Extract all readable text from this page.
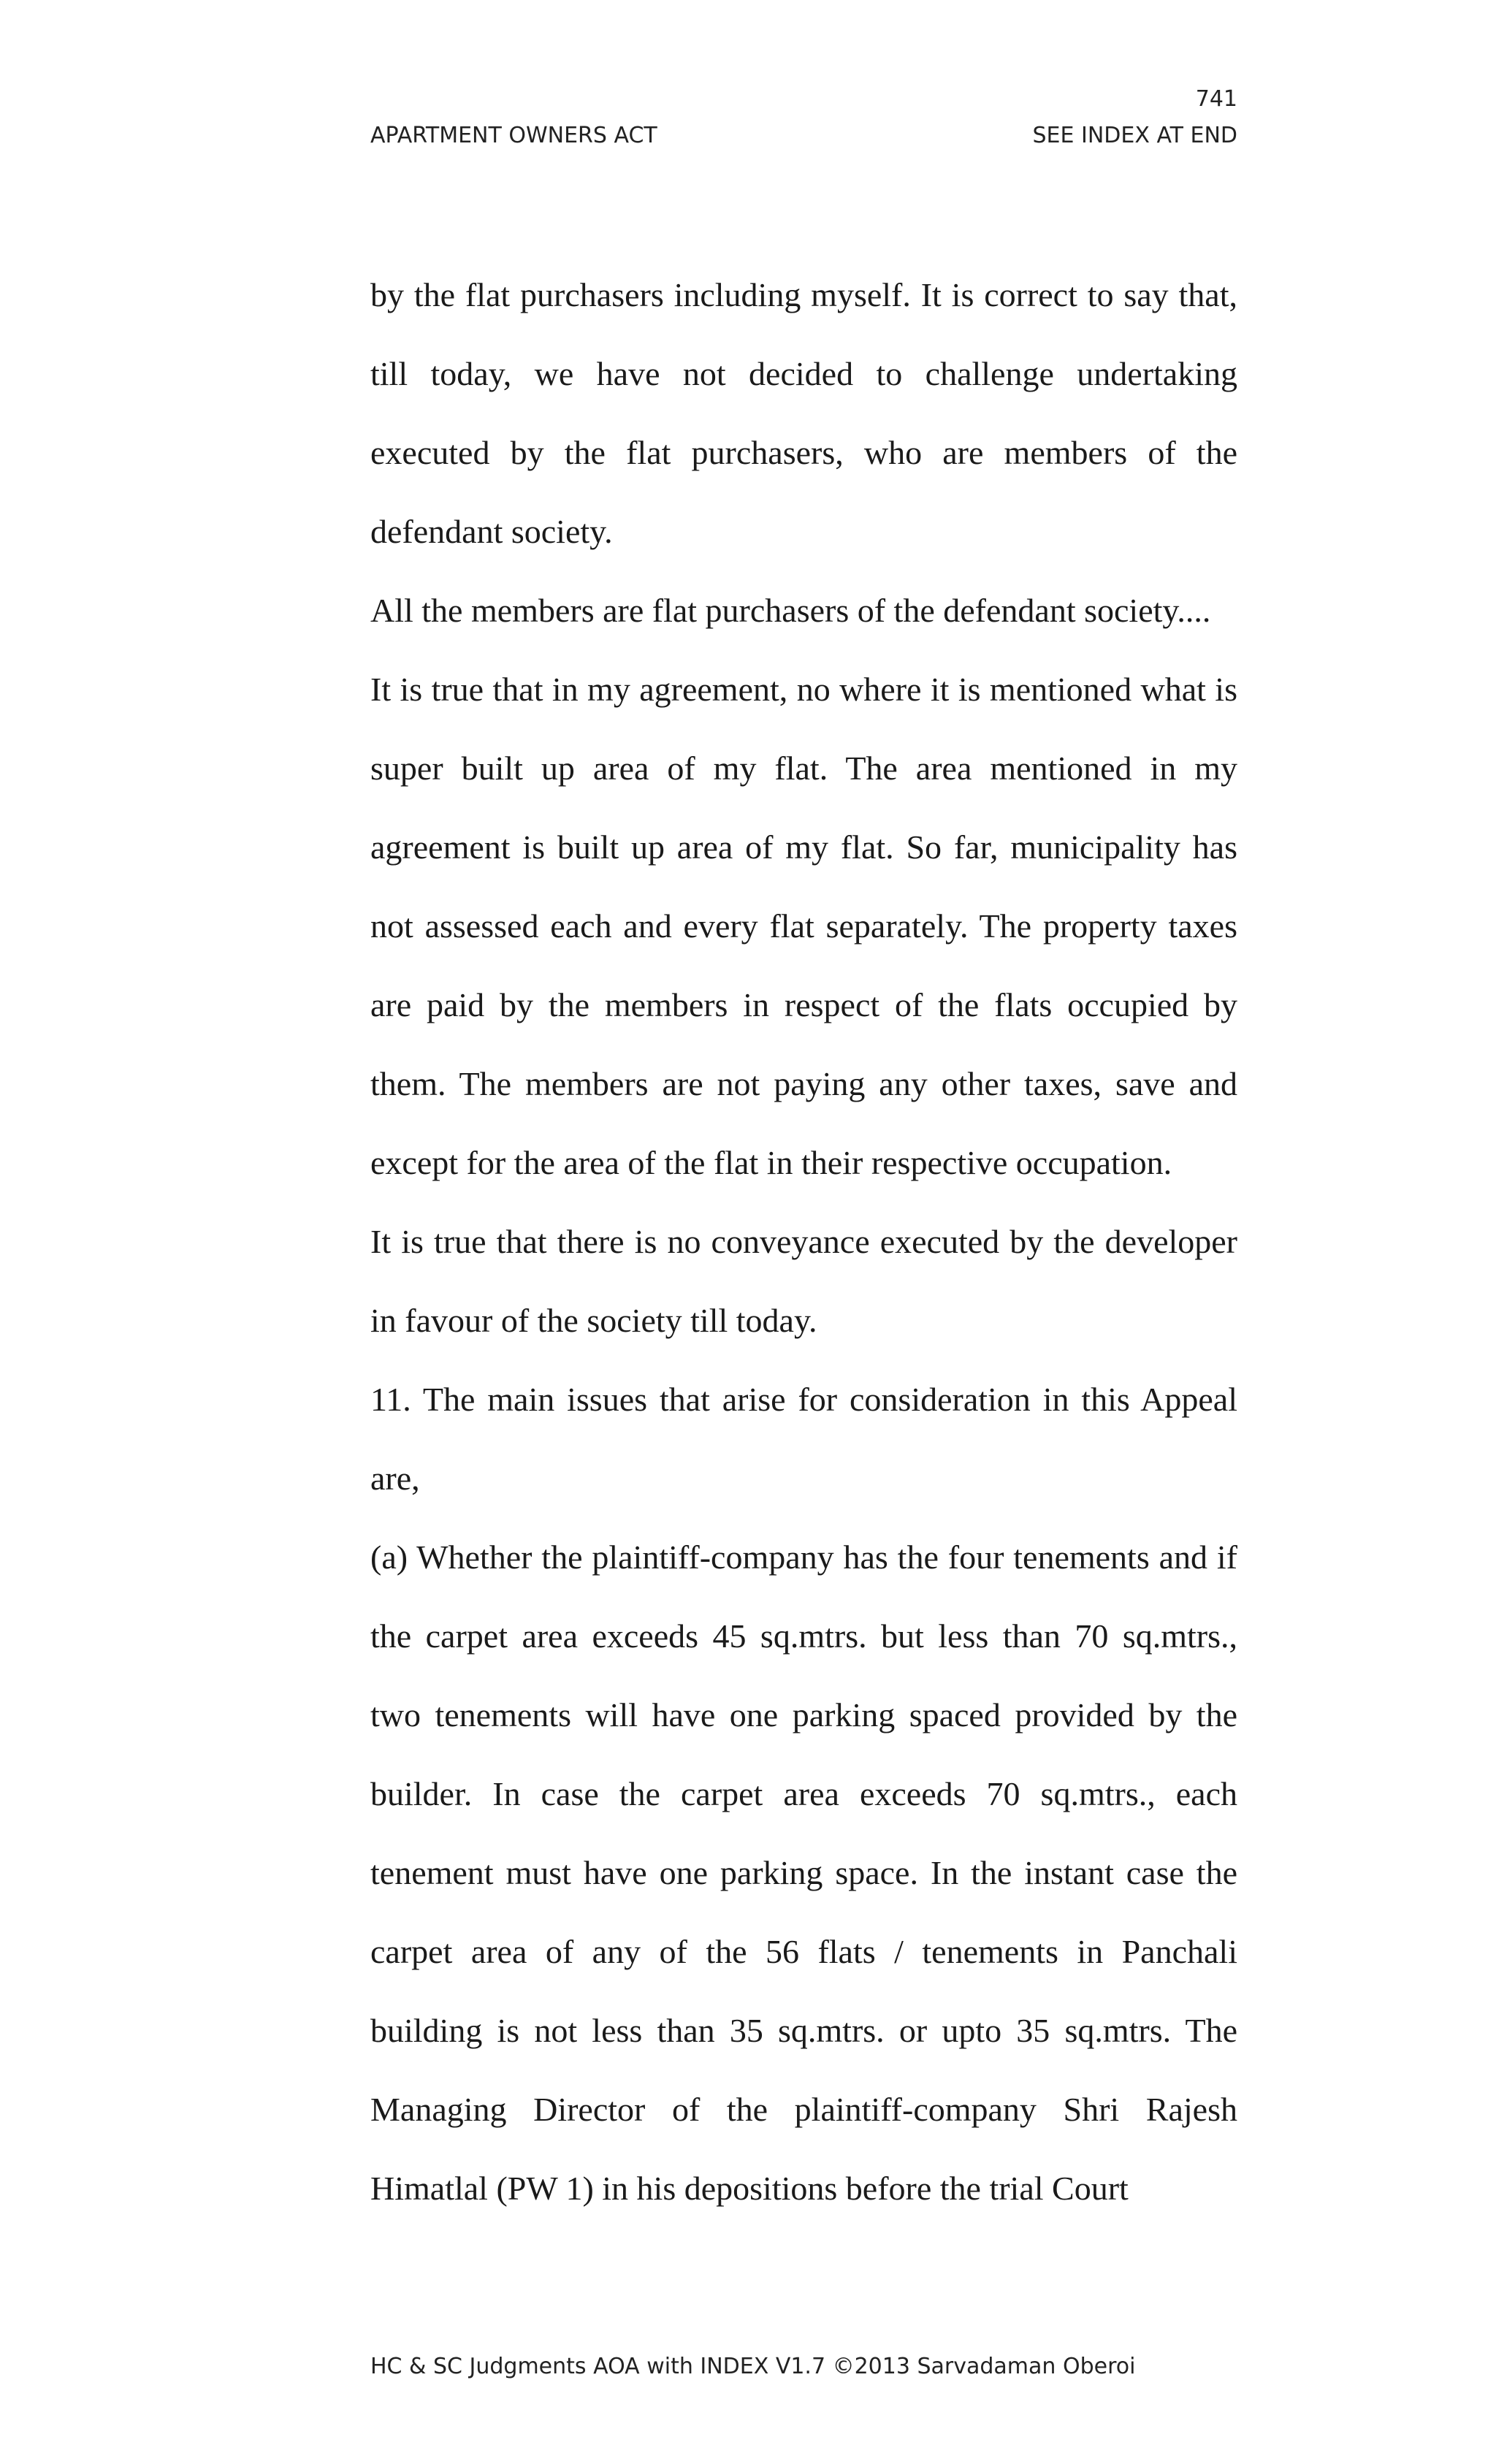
741
APARTMENT OWNERS ACT	SEE INDEX AT END

by the flat purchasers including myself. It is correct to say that, till today, we have not decided to challenge undertaking executed by the flat purchasers, who are members of the defendant society.

All the members are flat purchasers of the defendant society....

It is true that in my agreement, no where it is mentioned what is super built up area of my flat. The area mentioned in my agreement is built up area of my flat. So far, municipality has not assessed each and every flat separately. The property taxes are paid by the members in respect of the flats occupied by them. The members are not paying any other taxes, save and except for the area of the flat in their respective occupation.

It is true that there is no conveyance executed by the developer in favour of the society till today.

11. The main issues that arise for consideration in this Appeal are,

(a) Whether the plaintiff-company has the four tenements and if the carpet area exceeds 45 sq.mtrs. but less than 70 sq.mtrs., two tenements will have one parking spaced provided by the builder. In case the carpet area exceeds 70 sq.mtrs., each tenement must have one parking space. In the instant case the carpet area of any of the 56 flats / tenements in Panchali building is not less than 35 sq.mtrs. or upto 35 sq.mtrs. The Managing Director of the plaintiff-company Shri Rajesh Himatlal (PW 1) in his depositions before the trial Court

HC & SC Judgments AOA with INDEX V1.7 ©2013 Sarvadaman Oberoi
